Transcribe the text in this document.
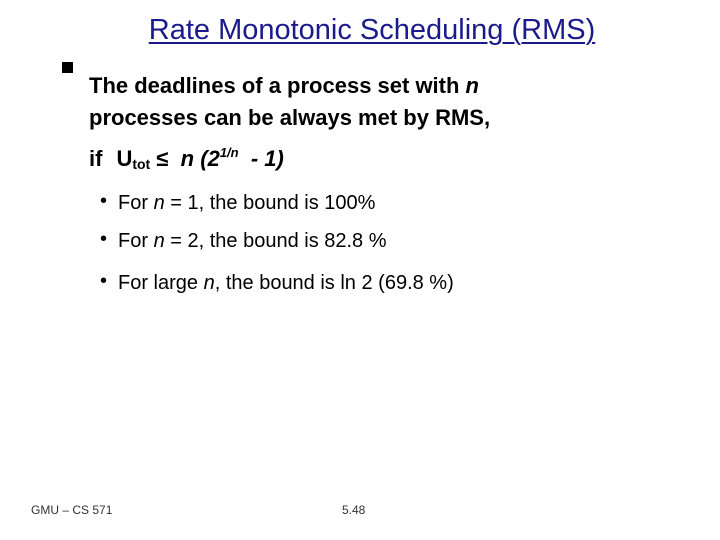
Rate Monotonic Scheduling (RMS)
The deadlines of a process set with n
processes can be always met by RMS,
if $U_{tot} \le n$ $(2^{1/n} - 1)$
• For n = 1, the bound is 100%
• For n = 2, the bound is 82.8 %
• For large n, the bound is ln 2 (69.8 %)
GMU – CS 571	5.48
